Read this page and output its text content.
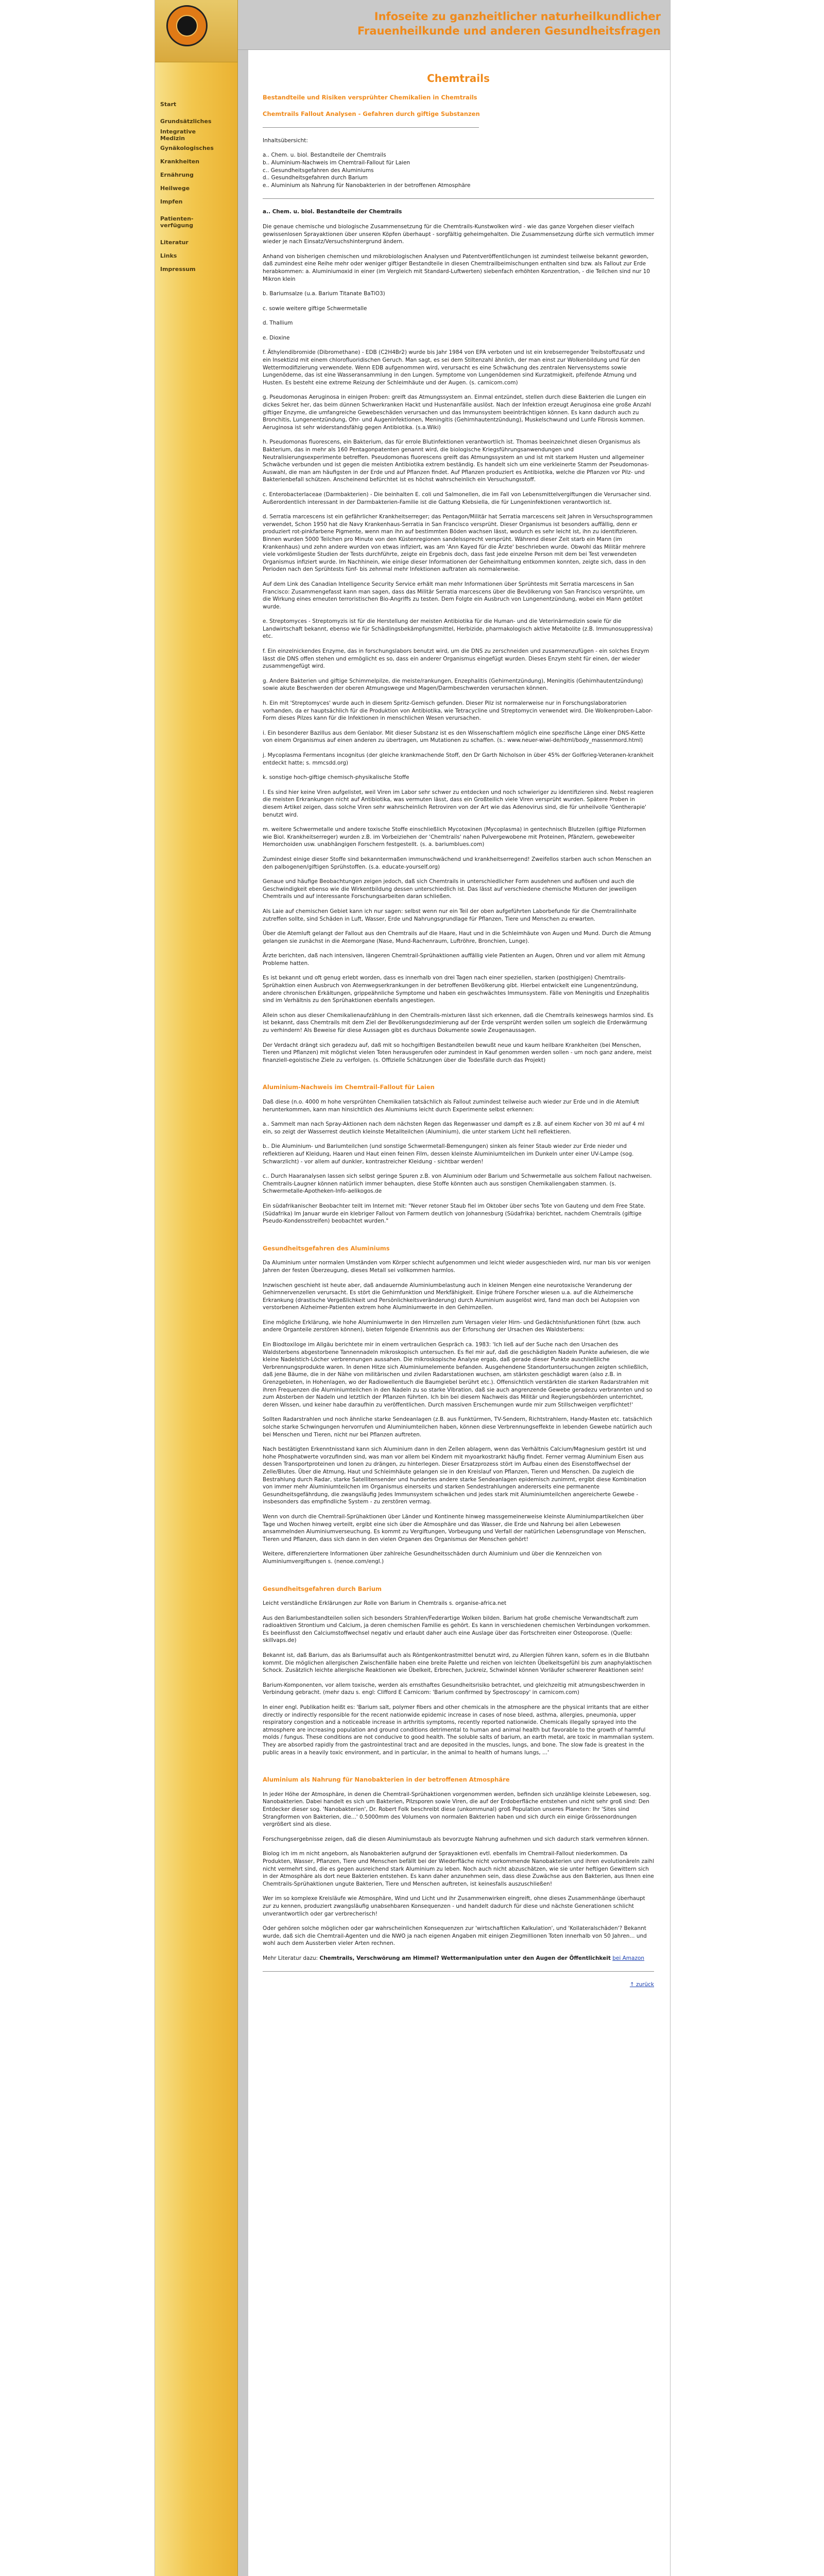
Start
Grundsätzliches
Integrative
Medizin
Gynäkologisches
Krankheiten
Ernährung
Heilwege
Impfen
Patienten-
verfügung
Literatur
Links
Impressum
Infoseite zu ganzheitlicher naturheilkundlicher
Frauenheilkunde und anderen Gesundheitsfragen
Chemtrails
Bestandteile und Risiken versprühter Chemikalien in Chemtrails
Chemtrails Fallout Analysen - Gefahren durch giftige Substanzen

Inhaltsübersicht:

a.. Chem. u. biol. Bestandteile der Chemtrails
b.. Aluminium-Nachweis im Chemtrail-Fallout für Laien
c.. Gesundheitsgefahren des Aluminiums
d.. Gesundheitsgefahren durch Barium
e.. Aluminium als Nahrung für Nanobakterien in der betroffenen Atmosphäre

a.. Chem. u. biol. Bestandteile der Chemtrails

Die genaue chemische und biologische Zusammensetzung für die Chemtrails-Kunstwolken wird - wie das ganze Vorgehen dieser vielfach gewissenlosen Sprayaktionen über unseren Köpfen überhaupt - sorgfältig geheimgehalten. Die Zusammensetzung dürfte sich vermutlich immer wieder je nach Einsatz/Versuchshintergrund ändern.

Anhand von bisherigen chemischen und mikrobiologischen Analysen und Patentveröffentlichungen ist zumindest teilweise bekannt geworden, daß zumindest eine Reihe mehr oder weniger giftiger Bestandteile in diesen Chemtrailbeimischungen enthalten sind bzw. als Fallout zur Erde herabkommen: a. Aluminiumoxid in einer (im Vergleich mit Standard-Luftwerten) siebenfach erhöhten Konzentration, - die Teilchen sind nur 10 Mikron klein

b. Bariumsalze (u.a. Barium Titanate BaTiO3)

c. sowie weitere giftige Schwermetalle

d. Thallium

e. Dioxine

f. Äthylendibromide (Dibromethane) - EDB (C2H4Br2) wurde bis Jahr 1984 von EPA verboten und ist ein krebserregender Treibstoffzusatz und ein Insektizid mit einem chlorofluoridischen Geruch. Man sagt, es sei dem Stiltenzahl ähnlich, der man einst zur Wolkenbildung und für den Wettermodifizierung verwendete. Wenn EDB aufgenommen wird, verursacht es eine Schwächung des zentralen Nervensystems sowie Lungenödeme, das ist eine Wasseransammlung in den Lungen. Symptome von Lungenödemen sind Kurzatmigkeit, pfeifende Atmung und Husten. Es besteht eine extreme Reizung der Schleimhäute und der Augen. (s. carnicom.com)

g. Pseudomonas Aeruginosa in einigen Proben: greift das Atmungssystem an. Einmal entzündet, stellen durch diese Bakterien die Lungen ein dickes Sekret her, das beim dünnen Schwerkranken Hackt und Hustenanfälle auslöst. Nach der Infektion erzeugt Aeruginosa eine große Anzahl giftiger Enzyme, die umfangreiche Gewebeschäden verursachen und das Immunsystem beeinträchtigen können. Es kann dadurch auch zu Bronchitis, Lungenentzündung, Ohr- und Augeninfektionen, Meningitis (Gehirnhautentzündung), Muskelschwund und Lunfe Fibrosis kommen. Aeruginosa ist sehr widerstandsfähig gegen Antibiotika. (s.a.Wiki)

h. Pseudomonas fluorescens, ein Bakterium, das für errole Blutinfektionen verantwortlich ist. Thomas beeinzeichnet diesen Organismus als Bakterium, das in mehr als 160 Pentagonpatenten genannt wird, die biologische Kriegsführungsanwendungen und Neutralisierungsexperimente betreffen. Pseudomonas fluorescens greift das Atmungssystem an und ist mit starkem Husten und allgemeiner Schwäche verbunden und ist gegen die meisten Antibiotika extrem beständig. Es handelt sich um eine verkleinerte Stamm der Pseudomonas-Auswahl, die man am häufigsten in der Erde und auf Pflanzen findet. Auf Pflanzen produziert es Antibiotika, welche die Pflanzen vor Pilz- und Bakterienbefall schützen. Anscheinend befürchtet ist es höchst wahrscheinlich ein Versuchungsstoff.

c. Enterobacterlaceae (Darmbakterien) - Die beinhalten E. coli und Salmonellen, die im Fall von Lebensmittelvergiftungen die Verursacher sind. Außerordentlich interessant in der Darmbakterien-Familie ist die Gattung Klebsiella, die für Lungeninfektionen verantwortlich ist.

d. Serratia marcescens ist ein gefährlicher Krankheitserreger; das Pentagon/Militär hat Serratia marcescens seit Jahren in Versuchsprogrammen verwendet, Schon 1950 hat die Navy Krankenhaus-Serratia in San Francisco versprüht. Dieser Organismus ist besonders auffällig, denn er produziert rot-pinkfarbene Pigmente, wenn man ihn auf bestimmten Böden wachsen lässt, wodurch es sehr leicht ist, ihn zu identifizieren. Binnen wurden 5000 Teilchen pro Minute von den Küstenregionen sandelssprecht versprüht. Während dieser Zeit starb ein Mann (im Krankenhaus) und zehn andere wurden von etwas infiziert, was am 'Ann Kayed für die Ärzte' beschrieben wurde. Obwohl das Militär mehrere viele vorkömligeste Studien der Tests durchführte, zeigte ein Ergebnis doch, dass fast jede einzelne Person mit dem bei Test verwendeten Organismus infiziert wurde. Im Nachhinein, wie einige dieser Informationen der Geheimhaltung entkommen konnten, zeigte sich, dass in den Perioden nach den Sprühtests fünf- bis zehnmal mehr Infektionen auftraten als normalerweise.

Auf dem Link des Canadian Intelligence Security Service erhält man mehr Informationen über Sprühtests mit Serratia marcescens in San Francisco: Zusammengefasst kann man sagen, dass das Militär Serratia marcescens über die Bevölkerung von San Francisco versprühte, um die Wirkung eines erneuten terroristischen Bio-Angriffs zu testen. Dem Folgte ein Ausbruch von Lungenentzündung, wobei ein Mann getötet wurde.

e. Streptomyces - Streptomyzis ist für die Herstellung der meisten Antibiotika für die Human- und die Veterinärmedizin sowie für die Landwirtschaft bekannt, ebenso wie für Schädlingsbekämpfungsmittel, Herbizide, pharmakologisch aktive Metabolite (z.B. Immunosuppressiva) etc.

f. Ein einzelnickendes Enzyme, das in forschungslabors benutzt wird, um die DNS zu zerschneiden und zusammenzufügen - ein solches Enzym lässt die DNS offen stehen und ermöglicht es so, dass ein anderer Organismus eingefügt wurden. Dieses Enzym steht für einen, der wieder zusammengefügt wird.

g. Andere Bakterien und giftige Schimmelpilze, die meiste/rankungen, Enzephalitis (Gehirnentzündung), Meningitis (Gehirnhautentzündung) sowie akute Beschwerden der oberen Atmungswege und Magen/Darmbeschwerden verursachen können.

h. Ein mit 'Streptomyces' wurde auch in diesem Spritz-Gemisch gefunden. Dieser Pilz ist normalerweise nur in Forschungslaboratorien vorhanden, da er hauptsächlich für die Produktion von Antibiotika, wie Tetracycline und Streptomycin verwendet wird. Die Wolkenproben-Labor-Form dieses Pilzes kann für die Infektionen in menschlichen Wesen verursachen.

i. Ein besonderer Bazillus aus dem Genlabor. Mit dieser Substanz ist es den Wissenschaftlern möglich eine spezifische Länge einer DNS-Kette von einem Organismus auf einen anderen zu übertragen, um Mutationen zu schaffen. (s.: www.neuer-wiwi-de/html/body_massenmord.html)

j. Mycoplasma Fermentans incognitus (der gleiche krankmachende Stoff, den Dr Garth Nicholson in über 45% der Golfkrieg-Veteranen-krankheit entdeckt hatte; s. mmcsdd.org)

k. sonstige hoch-giftige chemisch-physikalische Stoffe

l. Es sind hier keine Viren aufgelistet, weil Viren im Labor sehr schwer zu entdecken und noch schwieriger zu identifizieren sind. Nebst reagieren die meisten Erkrankungen nicht auf Antibiotika, was vermuten lässt, dass ein Großteilich viele Viren versprüht wurden. Spätere Proben in diesem Artikel zeigen, dass solche Viren sehr wahrscheinlich Retroviren von der Art wie das Adenovirus sind, die für unheilvolle 'Gentherapie' benutzt wird.

m. weitere Schwermetalle und andere toxische Stoffe einschließlich Mycotoxinen (Mycoplasma) in gentechnisch Blutzellen (giftige Pilzformen wie Biol. Krankheitserreger) wurden z.B. im Vorbeiziehen der 'Chemtrails' nahen Pulvergewobene mit Proteinen, Pfänzlern, gewebeweiter Hemorchoiden usw. unabhängigen Forschern festgestellt. (s. a. bariumblues.com)

Zumindest einige dieser Stoffe sind bekanntermaßen immunschwächend und krankheitserregend! Zweifellos starben auch schon Menschen an den palbogenen/giftigen Sprühstoffen. (s.a. educate-yourself.org)

Genaue und häufige Beobachtungen zeigen jedoch, daß sich Chemtrails in unterschiedlicher Form ausdehnen und auflösen und auch die Geschwindigkeit ebenso wie die Wirkentbildung dessen unterschiedlich ist. Das lässt auf verschiedene chemische Mixturen der jeweiligen Chemtrails und auf interessante Forschungsarbeiten daran schließen.

Als Laie auf chemischen Gebiet kann ich nur sagen: selbst wenn nur ein Teil der oben aufgeführten Laborbefunde für die Chemtrailinhalte zutreffen sollte, sind Schäden in Luft, Wasser, Erde und Nahrungsgrundlage für Pflanzen, Tiere und Menschen zu erwarten.

Über die Atemluft gelangt der Fallout aus den Chemtrails auf die Haare, Haut und in die Schleimhäute von Augen und Mund. Durch die Atmung gelangen sie zunächst in die Atemorgane (Nase, Mund-Rachenraum, Luftröhre, Bronchien, Lunge).

Ärzte berichten, daß nach intensiven, längeren Chemtrail-Sprühaktionen auffällig viele Patienten an Augen, Ohren und vor allem mit Atmung Probleme hatten.

Es ist bekannt und oft genug erlebt worden, dass es innerhalb von drei Tagen nach einer speziellen, starken (posthigigen) Chemtrails-Sprühaktion einen Ausbruch von Atemwegserkrankungen in der betroffenen Bevölkerung gibt. Hierbei entwickelt eine Lungenentzündung, andere chronischen Erkältungen, grippeähnliche Symptome und haben ein geschwächtes Immunsystem. Fälle von Meningitis und Enzephalitis sind im Verhältnis zu den Sprühaktionen ebenfalls angestiegen.

Allein schon aus dieser Chemikalienaufzählung in den Chemtrails-mixturen lässt sich erkennen, daß die Chemtrails keineswegs harmlos sind. Es ist bekannt, dass Chemtrails mit dem Ziel der Bevölkerungsdezimierung auf der Erde versprüht werden sollen um sogleich die Erderwärmung zu verhindern! Als Beweise für diese Aussagen gibt es durchaus Dokumente sowie Zeugenaussagen.

Der Verdacht drängt sich geradezu auf, daß mit so hochgiftigen Bestandteilen bewußt neue und kaum heilbare Krankheiten (bei Menschen, Tieren und Pflanzen) mit möglichst vielen Toten herausgerufen oder zumindest in Kauf genommen werden sollen - um noch ganz andere, meist finanziell-egoistische Ziele zu verfolgen. (s. Offizielle Schätzungen über die Todesfälle durch das Projekt)

Aluminium-Nachweis im Chemtrail-Fallout für Laien

Daß diese (n.o. 4000 m hohe versprühten Chemikalien tatsächlich als Fallout zumindest teilweise auch wieder zur Erde und in die Atemluft herunterkommen, kann man hinsichtlich des Aluminiums leicht durch Experimente selbst erkennen:

a.. Sammelt man nach Spray-Aktionen nach dem nächsten Regen das Regenwasser und dampft es z.B. auf einem Kocher von 30 ml auf 4 ml ein, so zeigt der Wasserrest deutlich kleinste Metallteilchen (Aluminium), die unter starkem Licht hell reflektieren.

b.. Die Aluminium- und Bariumteilchen (und sonstige Schwermetall-Bemengungen) sinken als feiner Staub wieder zur Erde nieder und reflektieren auf Kleidung, Haaren und Haut einen feinen Film, dessen kleinste Aluminiumteilchen im Dunkeln unter einer UV-Lampe (sog. Schwarzlicht) - vor allem auf dunkler, kontrastreicher Kleidung - sichtbar werden!

c.. Durch Haaranalysen lassen sich selbst geringe Spuren z.B. von Aluminium oder Barium und Schwermetalle aus solchem Fallout nachweisen. Chemtrails-Laugner können natürlich immer behaupten, diese Stoffe könnten auch aus sonstigen Chemikaliengaben stammen. (s. Schwermetalle-Apotheken-Info-aelikogos.de

Ein südafrikanischer Beobachter teilt im Internet mit: "Never retoner Staub fiel im Oktober über sechs Tote von Gauteng und dem Free State. (Südafrika) Im Januar wurde ein klebriger Fallout von Farmern deutlich von Johannesburg (Südafrika) berichtet, nachdem Chemtrails (giftige Pseudo-Kondensstreifen) beobachtet wurden."

Gesundheitsgefahren des Aluminiums

Da Aluminium unter normalen Umständen vom Körper schlecht aufgenommen und leicht wieder ausgeschieden wird, nur man bis vor wenigen Jahren der festen Überzeugung, dieses Metall sei vollkommen harmlos.

Inzwischen geschieht ist heute aber, daß andauernde Aluminiumbelastung auch in kleinen Mengen eine neurotoxische Veranderung der Gehirnnervenzellen verursacht. Es stört die Gehirnfunktion und Merkfähigkeit. Einige frühere Forscher wiesen u.a. auf die Alzheimersche Erkrankung (drastische Vergeßlichkeit und Persönlichkeitsveränderung) durch Aluminium ausgelöst wird, fand man doch bei Autopsien von verstorbenen Alzheimer-Patienten extrem hohe Aluminiumwerte in den Gehirnzellen.

Eine mögliche Erklärung, wie hohe Aluminiumwerte in den Hirnzellen zum Versagen vieler Hirn- und Gedächtnisfunktionen führt (bzw. auch andere Organteile zerstören können), bieten folgende Erkenntnis aus der Erforschung der Ursachen des Waldsterbens:

Ein Biodtoxiloge im Allgäu berichtete mir in einem vertraulichen Gespräch ca. 1983: 'Ich ließ auf der Suche nach den Ursachen des Waldsterbens abgestorbene Tannennadeln mikroskopisch untersuchen. Es fiel mir auf, daß die geschädigten Nadeln Punkte aufwiesen, die wie kleine Nadelstich-Löcher verbrennungen aussahen. Die mikroskopische Analyse ergab, daß gerade dieser Punkte auschließliche Verbrennungsprodukte waren. In denen Hitze sich Aluminiumelemente befanden. Ausgehendene Standortuntersuchungen zeigten schließlich, daß jene Bäume, die in der Nähe von militärischen und zivilen Radarstationen wuchsen, am stärksten geschädigt waren (also z.B. in Grenzgebieten, in Hohenlagen, wo der Radiowellentuch die Baumgiebel berührt etc.). Offensichtlich verstärkten die starken Radarstrahlen mit ihren Frequenzen die Aluminiumteilchen in den Nadeln zu so starke Vibration, daß sie auch angrenzende Gewebe geradezu verbrannten und so zum Absterben der Nadeln und letztlich der Pflanzen führten. Ich bin bei diesem Nachweis das Militär und Regierungsbehörden unterrichtet, deren Wissen, und keiner habe daraufhin zu veröffentlichen. Durch massiven Erschemungen wurde mir zum Stillschweigen verpflichtet!'

Sollten Radarstrahlen und noch ähnliche starke Sendeanlagen (z.B. aus Funktürmen, TV-Sendern, Richtstrahlern, Handy-Masten etc. tatsächlich solche starke Schwingungen hervorrufen und Aluminiumteilchen haben, können diese Verbrennungseffekte in lebenden Gewebe natürlich auch bei Menschen und Tieren, nicht nur bei Pflanzen auftreten.

Nach bestätigten Erkenntnisstand kann sich Aluminium dann in den Zellen ablagern, wenn das Verhältnis Calcium/Magnesium gestört ist und hohe Phosphatwerte vorzufinden sind, was man vor allem bei Kindern mit myoarkostrarkt häufig findet. Ferner vermag Aluminium Eisen aus dessen Transportproteinen und Ionen zu drängen, zu hinterlegen. Dieser Ersatzprozess stört im Aufbau einen des Eisenstoffwechsel der Zelle/Blutes. Über die Atmung, Haut und Schleimhäute gelangen sie in den Kreislauf von Pflanzen, Tieren und Menschen. Da zugleich die Bestrahlung durch Radar, starke Satellitensender und hundertes andere starke Sendeanlagen epidemisch zunimmt, ergibt diese Kombination von immer mehr Aluminiumteilchen im Organismus einerseits und starken Sendestrahlungen andererseits eine permanente Gesundheitsgefährdung, die zwangsläufig Jedes Immunsystem schwächen und jedes stark mit Aluminiumteilchen angereicherte Gewebe - insbesonders das empfindliche System - zu zerstören vermag.

Wenn von durch die Chemtrail-Sprühaktionen über Länder und Kontinente hinweg massgemeinerweise kleinste Aluminiumpartikelchen über Tage und Wochen hinweg verteilt, ergibt eine sich über die Atmosphäre und das Wasser, die Erde und Nahrung bei allen Lebewesen ansammelnden Aluminiumverseuchung. Es kommt zu Vergiftungen, Vorbeugung und Verfall der natürlichen Lebensgrundlage von Menschen, Tieren und Pflanzen, dass sich dann in den vielen Organen des Organismus der Menschen gehört!

Weitere, differenziertere Informationen über zahlreiche Gesundheitsschäden durch Aluminium und über die Kennzeichen von Aluminiumvergiftungen s. (nenoe.com/engl.)

Gesundheitsgefahren durch Barium

Leicht verständliche Erklärungen zur Rolle von Barium in Chemtrails s. organise-africa.net

Aus den Bariumbestandteilen sollen sich besonders Strahlen/Federartige Wolken bilden. Barium hat große chemische Verwandtschaft zum radioaktiven Strontium und Calcium, ja deren chemischen Familie es gehört. Es kann in verschiedenen chemischen Verbindungen vorkommen. Es beeinflusst den Calciumstoffwechsel negativ und erlaubt daher auch eine Auslage über das Fortschreiten einer Osteoporose. (Quelle: skillvaps.de)

Bekannt ist, daß Barium, das als Bariumsulfat auch als Röntgenkontrastmittel benutzt wird, zu Allergien führen kann, sofern es in die Blutbahn kommt. Die möglichen allergischen Zwischenfälle haben eine breite Palette und reichen von leichten Übelkeitsgefühl bis zum anaphylaktischen Schock. Zusätzlich leichte allergische Reaktionen wie Übelkeit, Erbrechen, Juckreiz, Schwindel können Vorläufer schwererer Reaktionen sein!

Barium-Komponenten, vor allem toxische, werden als ernsthaftes Gesundheitsrisiko betrachtet, und gleichzeitig mit atmungsbeschwerden in Verbindung gebracht. (mehr dazu s. engl: Clifford E Carnicom: 'Barium confirmed by Spectroscopy' in carnicom.com)

In einer engl. Publikation heißt es: 'Barium salt, polymer fibers and other chemicals in the atmosphere are the physical irritants that are either directly or indirectly responsible for the recent nationwide epidemic increase in cases of nose bleed, asthma, allergies, pneumonia, upper respiratory congestion and a noticeable increase in arthritis symptoms, recently reported nationwide. Chemicals illegally sprayed into the atmosphere are increasing population and ground conditions detrimental to human and animal health but favorable to the growth of harmful molds / fungus. These conditions are not conducive to good health. The soluble salts of barium, an earth metal, are toxic in mammalian system. They are absorbed rapidly from the gastrointestinal tract and are deposited in the muscles, lungs, and bone. The slow fade is greatest in the public areas in a heavily toxic environment, and in particular, in the animal to health of humans lungs, ...'

Aluminium als Nahrung für Nanobakterien in der betroffenen Atmosphäre

In jeder Höhe der Atmosphäre, in denen die Chemtrail-Sprühaktionen vorgenommen werden, befinden sich unzählige kleinste Lebewesen, sog. Nanobakterien. Dabei handelt es sich um Bakterien, Pilzsporen sowie Viren, die auf der Erdoberfläche entstehen und nicht sehr groß sind: Den Entdecker dieser sog. 'Nanobakterien', Dr. Robert Folk beschreibt diese (unkommunal) groß Population unseres Planeten: Ihr 'Sites sind Strangformen von Bakterien, die...' 0.5000mm des Volumens von normalen Bakterien haben und sich durch ein einige Grössenordnungen vergrößert sind als diese.

Forschungsergebnisse zeigen, daß die diesen Aluminiumstaub als bevorzugte Nahrung aufnehmen und sich dadurch stark vermehren können.

Biolog ich im m nicht angeborn, als Nanobakterien aufgrund der Sprayaktionen evtl. ebenfalls im Chemtrail-Fallout niederkommen. Da Produkten, Wasser, Pflanzen, Tiere und Menschen befällt bei der Wiederfläche nicht vorkommende Nanobakterien und ihren evolutionäreln zaihl nicht vermehrt sind, die es gegen ausreichend stark Aluminium zu leben. Noch auch nicht abzuschätzen, wie sie unter heftigen Gewittern sich in der Atmosphäre als dort neue Bakterien entstehen. Es kann daher anzunehmen sein, dass diese Zuwächse aus den Bakterien, aus Ihnen eine Chemtrails-Sprühaktionen ungute Bakterien, Tiere und Menschen auftreten, ist keinesfalls auszuschließen!

Wer im so komplexe Kreisläufe wie Atmosphäre, Wind und Licht und ihr Zusammenwirken eingreift, ohne dieses Zusammenhänge überhaupt zur zu kennen, produziert zwangsläufig unabsehbaren Konsequenzen - und handelt dadurch für diese und nächste Generationen schlicht unverantwortlich oder gar verbrecherisch!

Oder gehören solche möglichen oder gar wahrscheinlichen Konsequenzen zur 'wirtschaftlichen Kalkulation', und 'Kollateralschäden'? Bekannt wurde, daß sich die Chemtrail-Agenten und die NWO ja nach eigenen Angaben mit einigen Ziegmillionen Toten innerhalb von 50 Jahren... und wohl auch dem Aussterben vieler Arten rechnen.

Mehr Literatur dazu: Chemtrails, Verschwörung am Himmel? Wettermanipulation unter den Augen der Öffentlichkeit bei Amazon

↑ zurück
